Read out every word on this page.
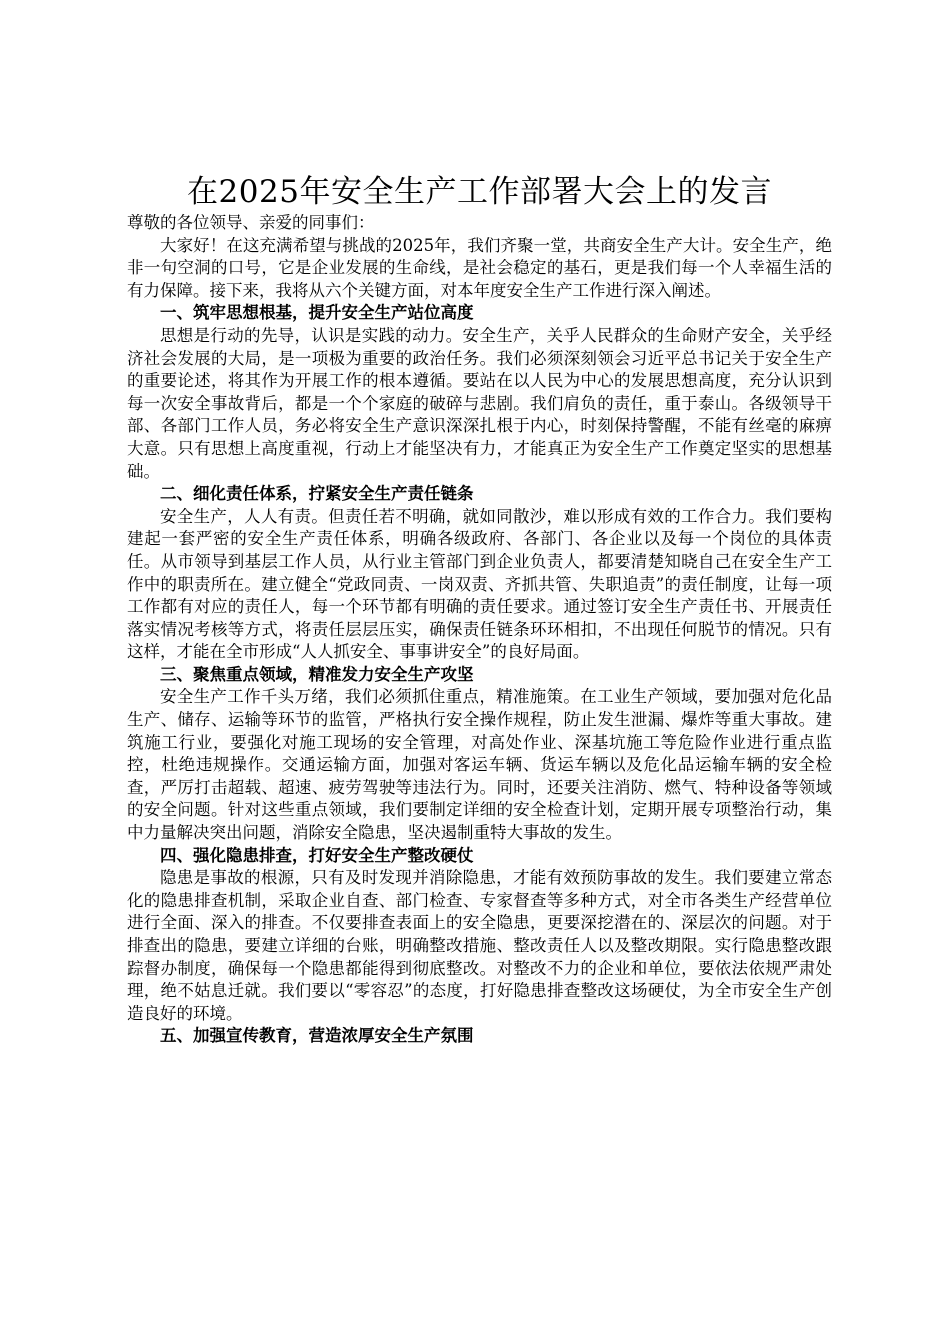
在2025年安全生产工作部署大会上的发言

尊敬的各位领导、亲爱的同事们：

大家好！在这充满希望与挑战的2025年，我们齐聚一堂，共商安全生产大计。安全生产，绝非一句空洞的口号，它是企业发展的生命线，是社会稳定的基石，更是我们每一个人幸福生活的有力保障。接下来，我将从六个关键方面，对本年度安全生产工作进行深入阐述。

一、筑牢思想根基，提升安全生产站位高度

思想是行动的先导，认识是实践的动力。安全生产，关乎人民群众的生命财产安全，关乎经济社会发展的大局，是一项极为重要的政治任务。我们必须深刻领会习近平总书记关于安全生产的重要论述，将其作为开展工作的根本遵循。要站在以人民为中心的发展思想高度，充分认识到每一次安全事故背后，都是一个个家庭的破碎与悲剧。我们肩负的责任，重于泰山。各级领导干部、各部门工作人员，务必将安全生产意识深深扎根于内心，时刻保持警醒，不能有丝毫的麻痹大意。只有思想上高度重视，行动上才能坚决有力，才能真正为安全生产工作奠定坚实的思想基础。

二、细化责任体系，拧紧安全生产责任链条

安全生产，人人有责。但责任若不明确，就如同散沙，难以形成有效的工作合力。我们要构建起一套严密的安全生产责任体系，明确各级政府、各部门、各企业以及每一个岗位的具体责任。从市领导到基层工作人员，从行业主管部门到企业负责人，都要清楚知晓自己在安全生产工作中的职责所在。建立健全“党政同责、一岗双责、齐抓共管、失职追责”的责任制度，让每一项工作都有对应的责任人，每一个环节都有明确的责任要求。通过签订安全生产责任书、开展责任落实情况考核等方式，将责任层层压实，确保责任链条环环相扣，不出现任何脱节的情况。只有这样，才能在全市形成“人人抓安全、事事讲安全”的良好局面。

三、聚焦重点领域，精准发力安全生产攻坚

安全生产工作千头万绪，我们必须抓住重点，精准施策。在工业生产领域，要加强对危化品生产、储存、运输等环节的监管，严格执行安全操作规程，防止发生泄漏、爆炸等重大事故。建筑施工行业，要强化对施工现场的安全管理，对高处作业、深基坑施工等危险作业进行重点监控，杜绝违规操作。交通运输方面，加强对客运车辆、货运车辆以及危化品运输车辆的安全检查，严厉打击超载、超速、疲劳驾驶等违法行为。同时，还要关注消防、燃气、特种设备等领域的安全问题。针对这些重点领域，我们要制定详细的安全检查计划，定期开展专项整治行动，集中力量解决突出问题，消除安全隐患，坚决遏制重特大事故的发生。

四、强化隐患排查，打好安全生产整改硬仗

隐患是事故的根源，只有及时发现并消除隐患，才能有效预防事故的发生。我们要建立常态化的隐患排查机制，采取企业自查、部门检查、专家督查等多种方式，对全市各类生产经营单位进行全面、深入的排查。不仅要排查表面上的安全隐患，更要深挖潜在的、深层次的问题。对于排查出的隐患，要建立详细的台账，明确整改措施、整改责任人以及整改期限。实行隐患整改跟踪督办制度，确保每一个隐患都能得到彻底整改。对整改不力的企业和单位，要依法依规严肃处理，绝不姑息迁就。我们要以“零容忍”的态度，打好隐患排查整改这场硬仗，为全市安全生产创造良好的环境。

五、加强宣传教育，营造浓厚安全生产氛围
